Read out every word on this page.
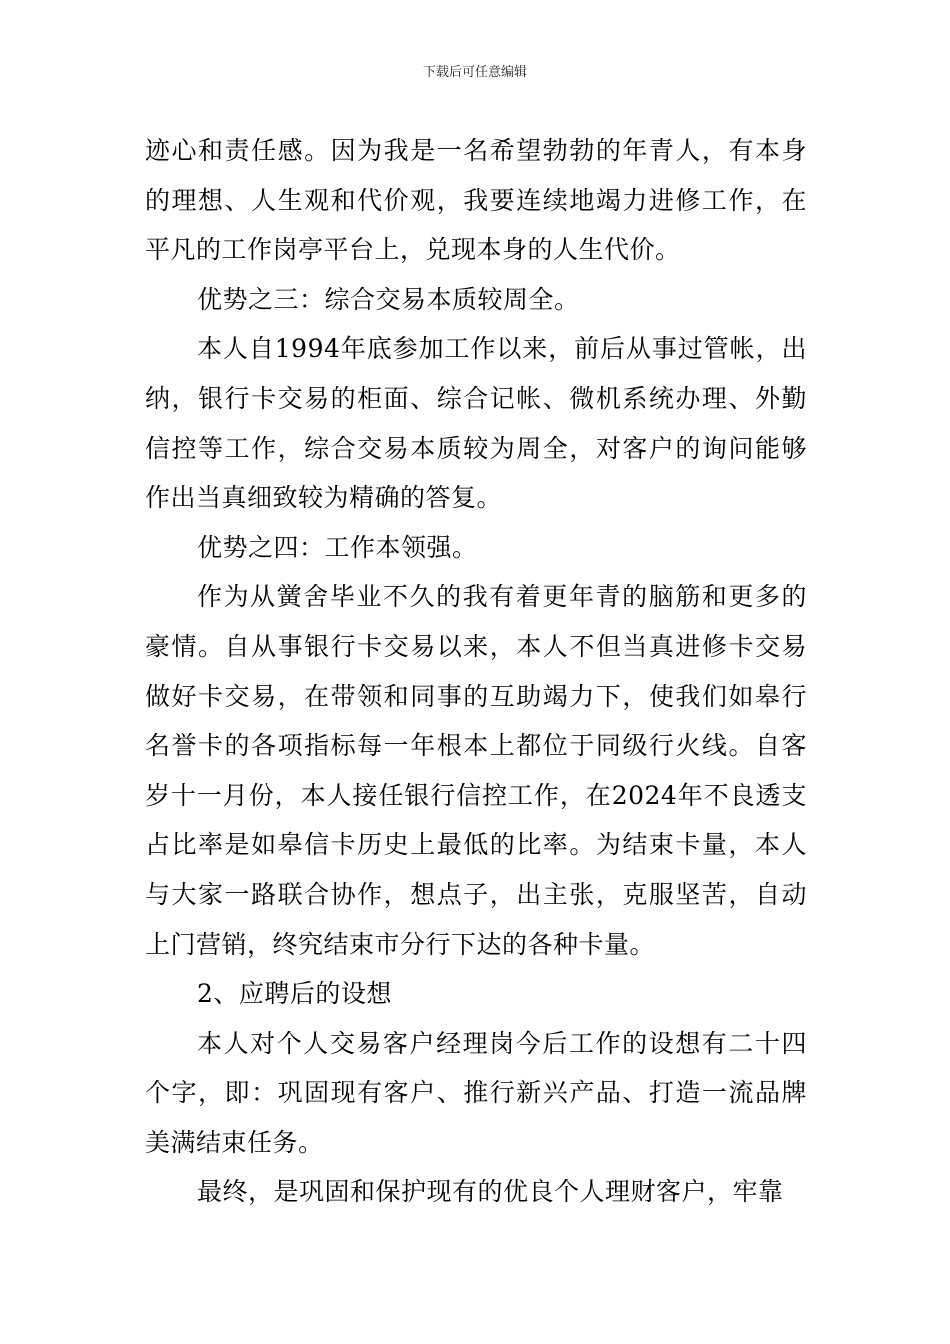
下载后可任意编辑

迹心和责任感。因为我是一名希望勃勃的年青人，有本身的理想、人生观和代价观，我要连续地竭力进修工作，在平凡的工作岗亭平台上，兑现本身的人生代价。

优势之三：综合交易本质较周全。

本人自1994年底参加工作以来，前后从事过管帐，出纳，银行卡交易的柜面、综合记帐、微机系统办理、外勤信控等工作，综合交易本质较为周全，对客户的询问能够作出当真细致较为精确的答复。

优势之四：工作本领强。

作为从黉舍毕业不久的我有着更年青的脑筋和更多的豪情。自从事银行卡交易以来，本人不但当真进修卡交易做好卡交易，在带领和同事的互助竭力下，使我们如皋行名誉卡的各项指标每一年根本上都位于同级行火线。自客岁十一月份，本人接任银行信控工作，在2024年不良透支占比率是如皋信卡历史上最低的比率。为结束卡量，本人与大家一路联合协作，想点子，出主张，克服坚苦，自动上门营销，终究结束市分行下达的各种卡量。

2、应聘后的设想

本人对个人交易客户经理岗今后工作的设想有二十四个字，即：巩固现有客户、推行新兴产品、打造一流品牌美满结束任务。

最终，是巩固和保护现有的优良个人理财客户，牢靠
